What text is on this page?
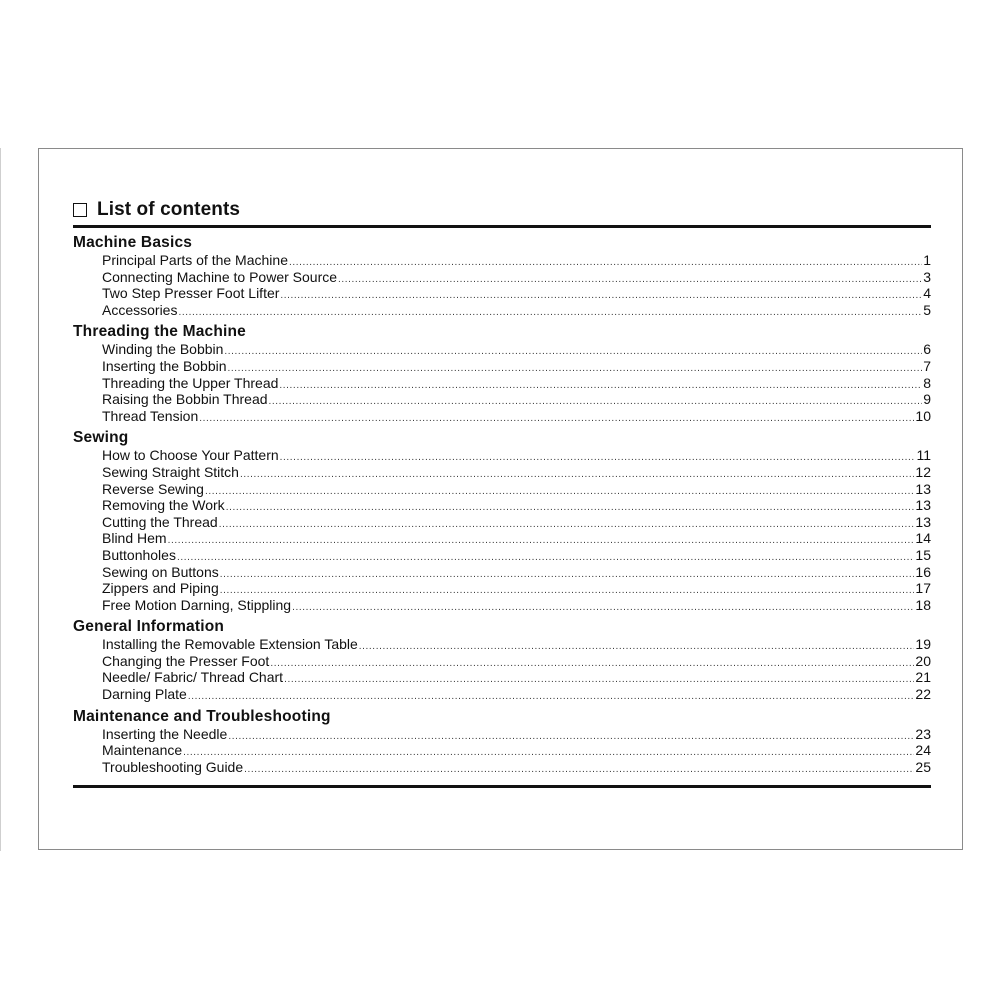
List of contents
Machine Basics
Principal Parts of the Machine .....	1
Connecting Machine to Power Source .....	3
Two Step Presser Foot Lifter .....	4
Accessories .....	5
Threading the Machine
Winding the Bobbin .....	6
Inserting the Bobbin .....	7
Threading the Upper Thread .....	8
Raising the Bobbin Thread .....	9
Thread Tension .....	10
Sewing
How to Choose Your Pattern .....	11
Sewing Straight Stitch .....	12
Reverse Sewing .....	13
Removing the Work .....	13
Cutting the Thread .....	13
Blind Hem .....	14
Buttonholes .....	15
Sewing on Buttons .....	16
Zippers and Piping .....	17
Free Motion Darning, Stippling .....	18
General Information
Installing the Removable Extension Table .....	19
Changing the Presser Foot .....	20
Needle/ Fabric/ Thread Chart .....	21
Darning Plate .....	22
Maintenance and Troubleshooting
Inserting the Needle .....	23
Maintenance .....	24
Troubleshooting Guide .....	25
